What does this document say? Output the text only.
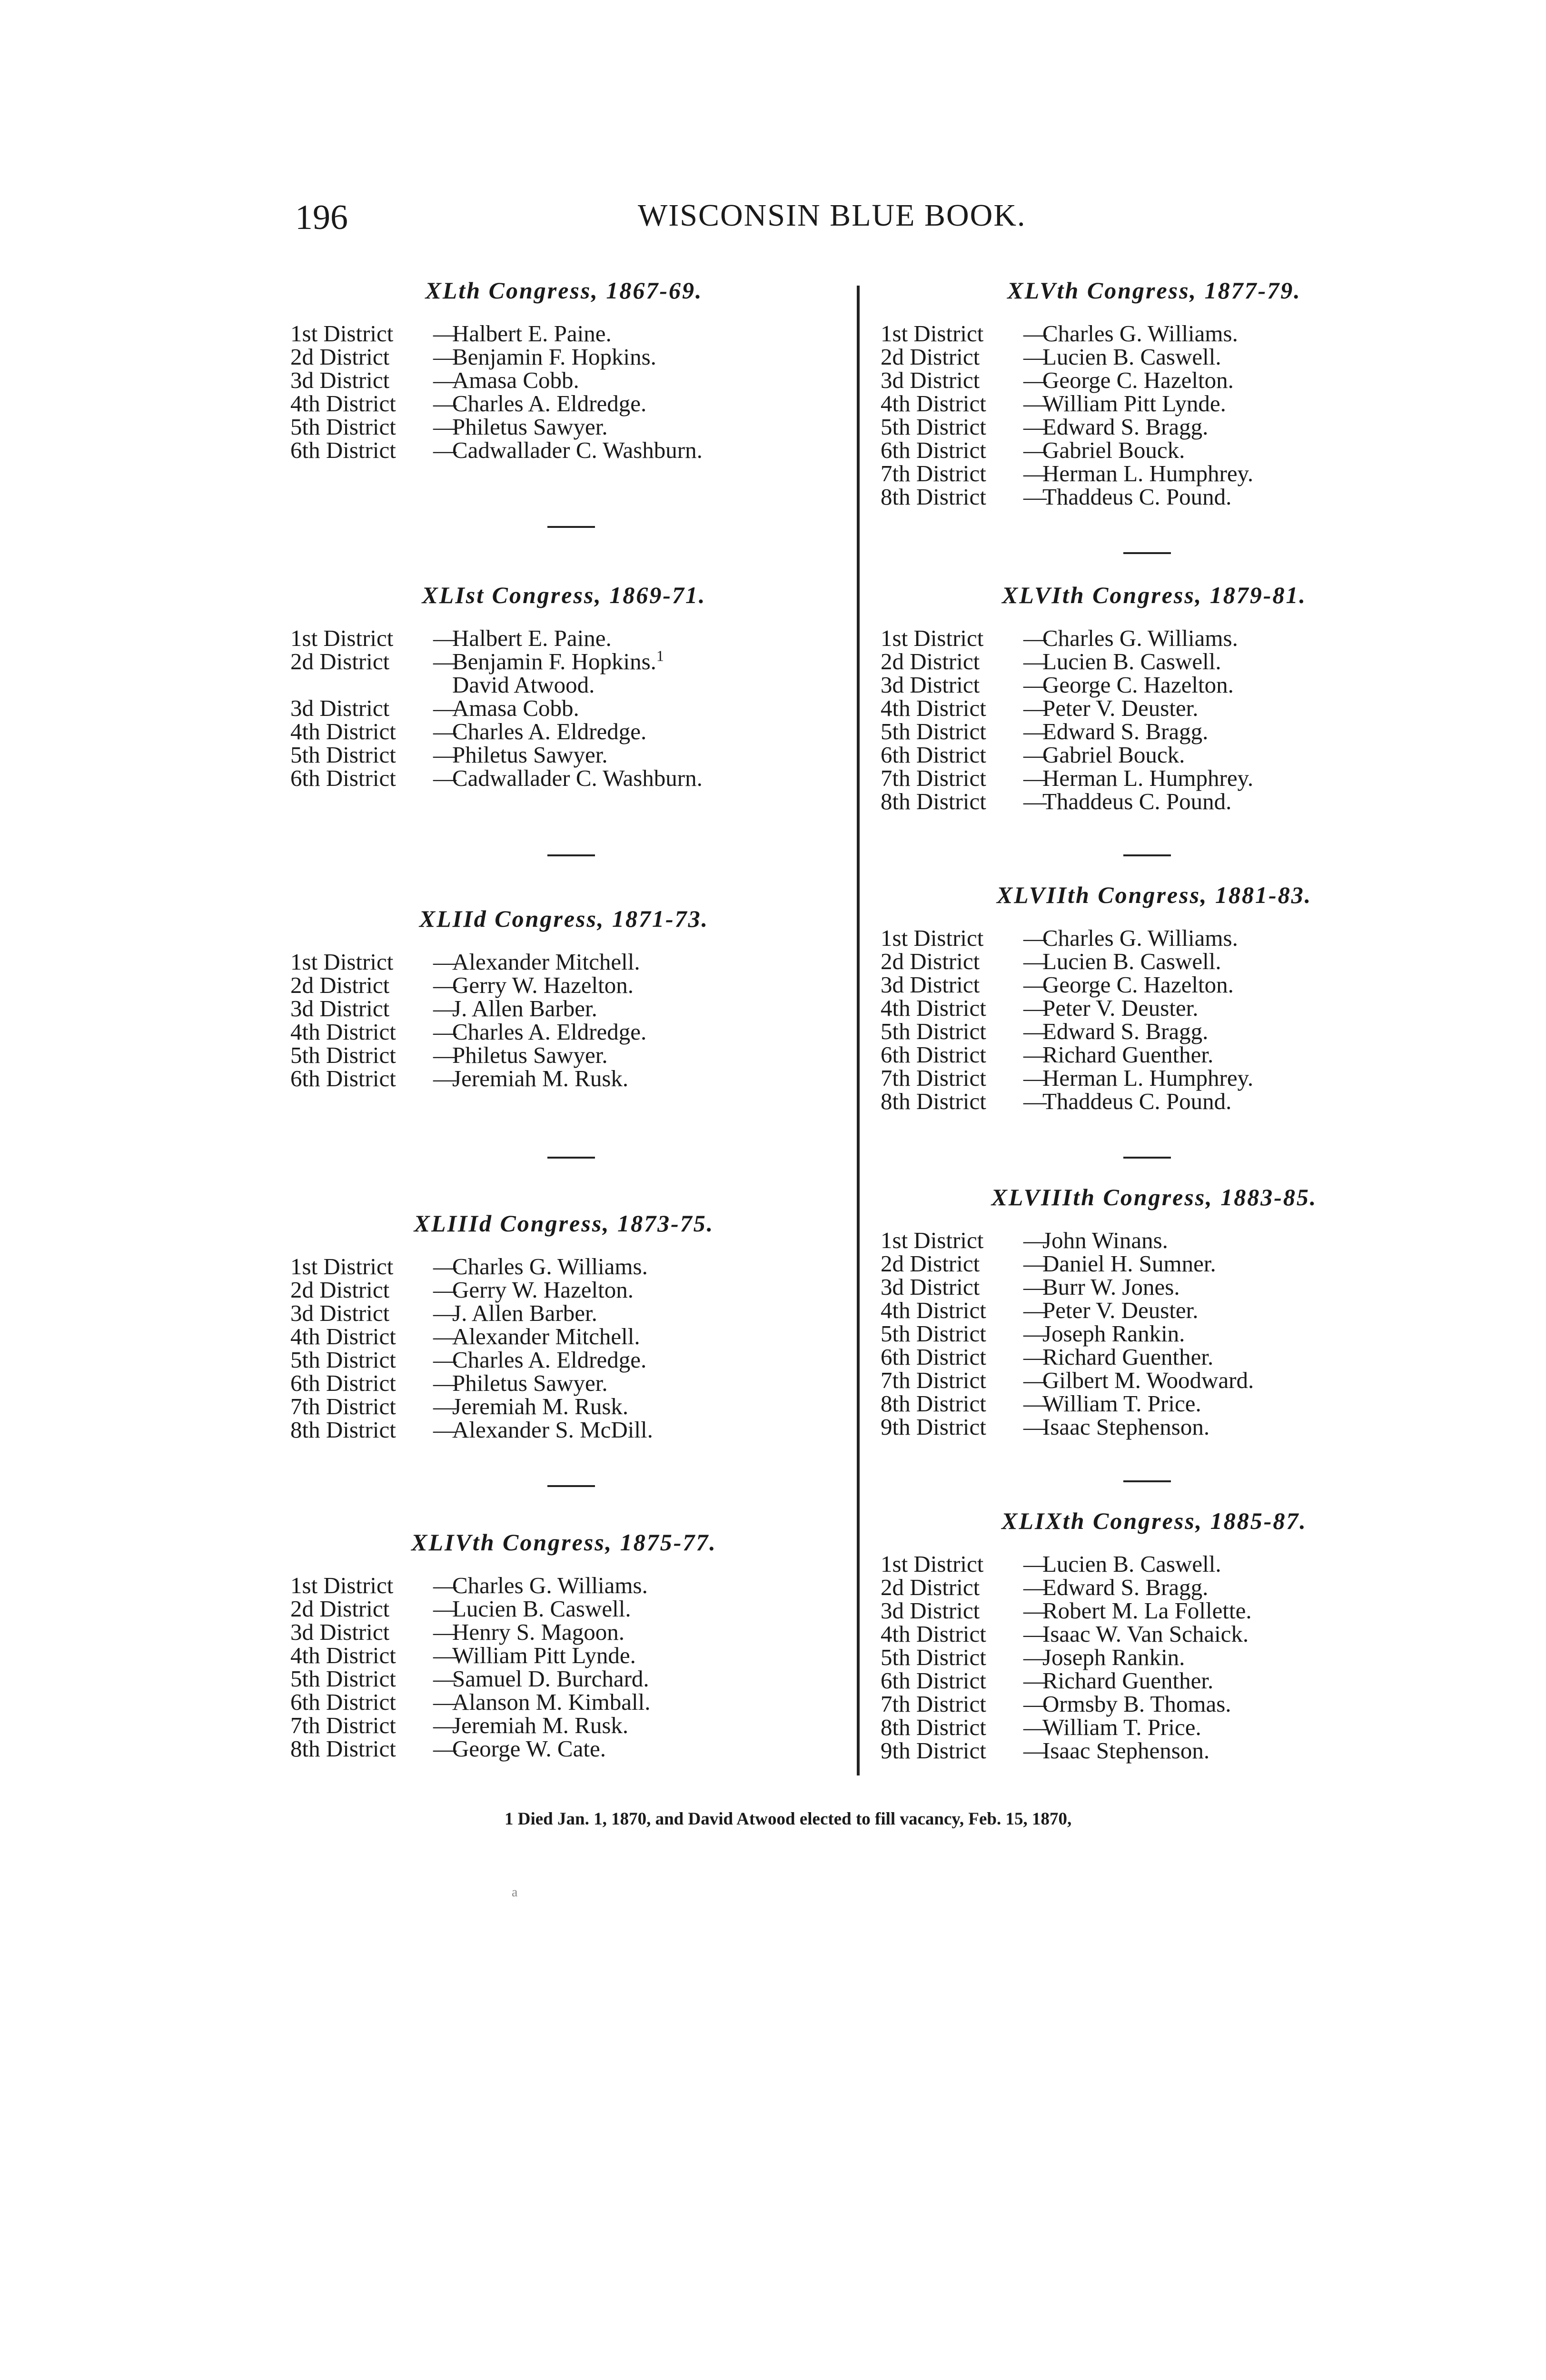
196	WISCONSIN BLUE BOOK.
XLth Congress, 1867-69.
1st District —Halbert E. Paine.
2d District —Benjamin F. Hopkins.
3d District —Amasa Cobb.
4th District —Charles A. Eldredge.
5th District —Philetus Sawyer.
6th District —Cadwallader C. Washburn.
XLIst Congress, 1869-71.
1st District —Halbert E. Paine.
2d District —Benjamin F. Hopkins.$^1$
David Atwood.
3d District —Amasa Cobb.
4th District —Charles A. Eldredge.
5th District —Philetus Sawyer.
6th District —Cadwallader C. Washburn.
XLIId Congress, 1871-73.
1st District —Alexander Mitchell.
2d District —Gerry W. Hazelton.
3d District —J. Allen Barber.
4th District —Charles A. Eldredge.
5th District —Philetus Sawyer.
6th District —Jeremiah M. Rusk.
XLIIId Congress, 1873-75.
1st District —Charles G. Williams.
2d District —Gerry W. Hazelton.
3d District —J. Allen Barber.
4th District —Alexander Mitchell.
5th District —Charles A. Eldredge.
6th District —Philetus Sawyer.
7th District —Jeremiah M. Rusk.
8th District —Alexander S. McDill.
XLIVth Congress, 1875-77.
1st District —Charles G. Williams.
2d District —Lucien B. Caswell.
3d District —Henry S. Magoon.
4th District —William Pitt Lynde.
5th District —Samuel D. Burchard.
6th District —Alanson M. Kimball.
7th District —Jeremiah M. Rusk.
8th District —George W. Cate.
XLVth Congress, 1877-79.
1st District —Charles G. Williams.
2d District —Lucien B. Caswell.
3d District —George C. Hazelton.
4th District —William Pitt Lynde.
5th District —Edward S. Bragg.
6th District —Gabriel Bouck.
7th District —Herman L. Humphrey.
8th District —Thaddeus C. Pound.
XLVIth Congress, 1879-81.
1st District —Charles G. Williams.
2d District —Lucien B. Caswell.
3d District —George C. Hazelton.
4th District —Peter V. Deuster.
5th District —Edward S. Bragg.
6th District —Gabriel Bouck.
7th District —Herman L. Humphrey.
8th District —Thaddeus C. Pound.
XLVIIth Congress, 1881-83.
1st District —Charles G. Williams.
2d District —Lucien B. Caswell.
3d District —George C. Hazelton.
4th District —Peter V. Deuster.
5th District —Edward S. Bragg.
6th District —Richard Guenther.
7th District —Herman L. Humphrey.
8th District —Thaddeus C. Pound.
XLVIIIth Congress, 1883-85.
1st District —John Winans.
2d District —Daniel H. Sumner.
3d District —Burr W. Jones.
4th District —Peter V. Deuster.
5th District —Joseph Rankin.
6th District —Richard Guenther.
7th District —Gilbert M. Woodward.
8th District —William T. Price.
9th District —Isaac Stephenson.
XLIXth Congress, 1885-87.
1st District —Lucien B. Caswell.
2d District —Edward S. Bragg.
3d District —Robert M. La Follette.
4th District —Isaac W. Van Schaick.
5th District —Joseph Rankin.
6th District —Richard Guenther.
7th District —Ormsby B. Thomas.
8th District —William T. Price.
9th District —Isaac Stephenson.
1 Died Jan. 1, 1870, and David Atwood elected to fill vacancy, Feb. 15, 1870,
a
